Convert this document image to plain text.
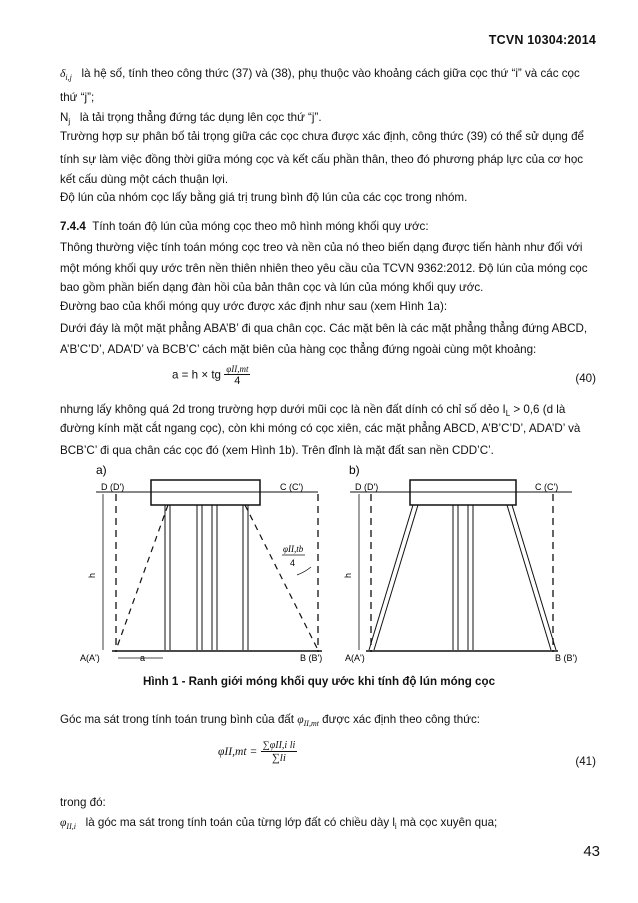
TCVN 10304:2014
$\delta_{i,j}$ là hệ số, tính theo công thức (37) và (38), phụ thuộc vào khoảng cách giữa cọc thứ “i” và các cọc
thứ “j”;
$N_j$ là tải trọng thẳng đứng tác dụng lên cọc thứ “j”.
Trường hợp sự phân bố tải trọng giữa các cọc chưa được xác định, công thức (39) có thể sử dụng để
tính sự làm việc đồng thời giữa móng cọc và kết cấu phần thân, theo đó phương pháp lực của cơ học
kết cấu dùng một cách thuận lợi.
Độ lún của nhóm cọc lấy bằng giá trị trung bình độ lún của các cọc trong nhóm.
7.4.4 Tính toán độ lún của móng cọc theo mô hình móng khối quy ước:
Thông thường việc tính toán móng cọc treo và nền của nó theo biến dạng được tiến hành như đối với
một móng khối quy ước trên nền thiên nhiên theo yêu cầu của TCVN 9362:2012. Độ lún của móng cọc
bao gồm phần biến dạng đàn hồi của bản thân cọc và lún của móng khối quy ước.
Đường bao của khối móng quy ước được xác định như sau (xem Hình 1a):
Dưới đáy là một mặt phẳng ABA’B’ đi qua chân cọc. Các mặt bên là các mặt phẳng thẳng đứng ABCD,
A’B’C’D’, ADA’D’ và BCB’C’ cách mặt biên của hàng cọc thẳng đứng ngoài cùng một khoảng:
a = h × tg $\frac{\text{φII,mt}}{4}$	(40)
nhưng lấy không quá 2d trong trường hợp dưới mũi cọc là nền đất dính có chỉ số dẻo $I_L > 0,6$ (d là
đường kính mặt cắt ngang cọc), còn khi móng có cọc xiên, các mặt phẳng ABCD, A’B’C’D’, ADA’D’ và
BCB’C’ đi qua chân các cọc đó (xem Hình 1b). Trên đỉnh là mặt đất san nền CDD’C’.
a)
D (D')	C (C')
A(A')	B (B')
a
h
φII,tb
4
b)
D (D')	C (C')
A(A')	B (B')
h
Hình 1 - Ranh giới móng khối quy ước khi tính độ lún móng cọc
Góc ma sát trong tính toán trung bình của đất $\varphi_{II,mt}$ được xác định theo công thức:
$\varphi II,mt = \frac{\text{∑φII,i li}}{\sum li}$	(41)
trong đó:
$\varphi_{II,i}$ là góc ma sát trong tính toán của từng lớp đất có chiều dày $l_i$ mà cọc xuyên qua;
43
